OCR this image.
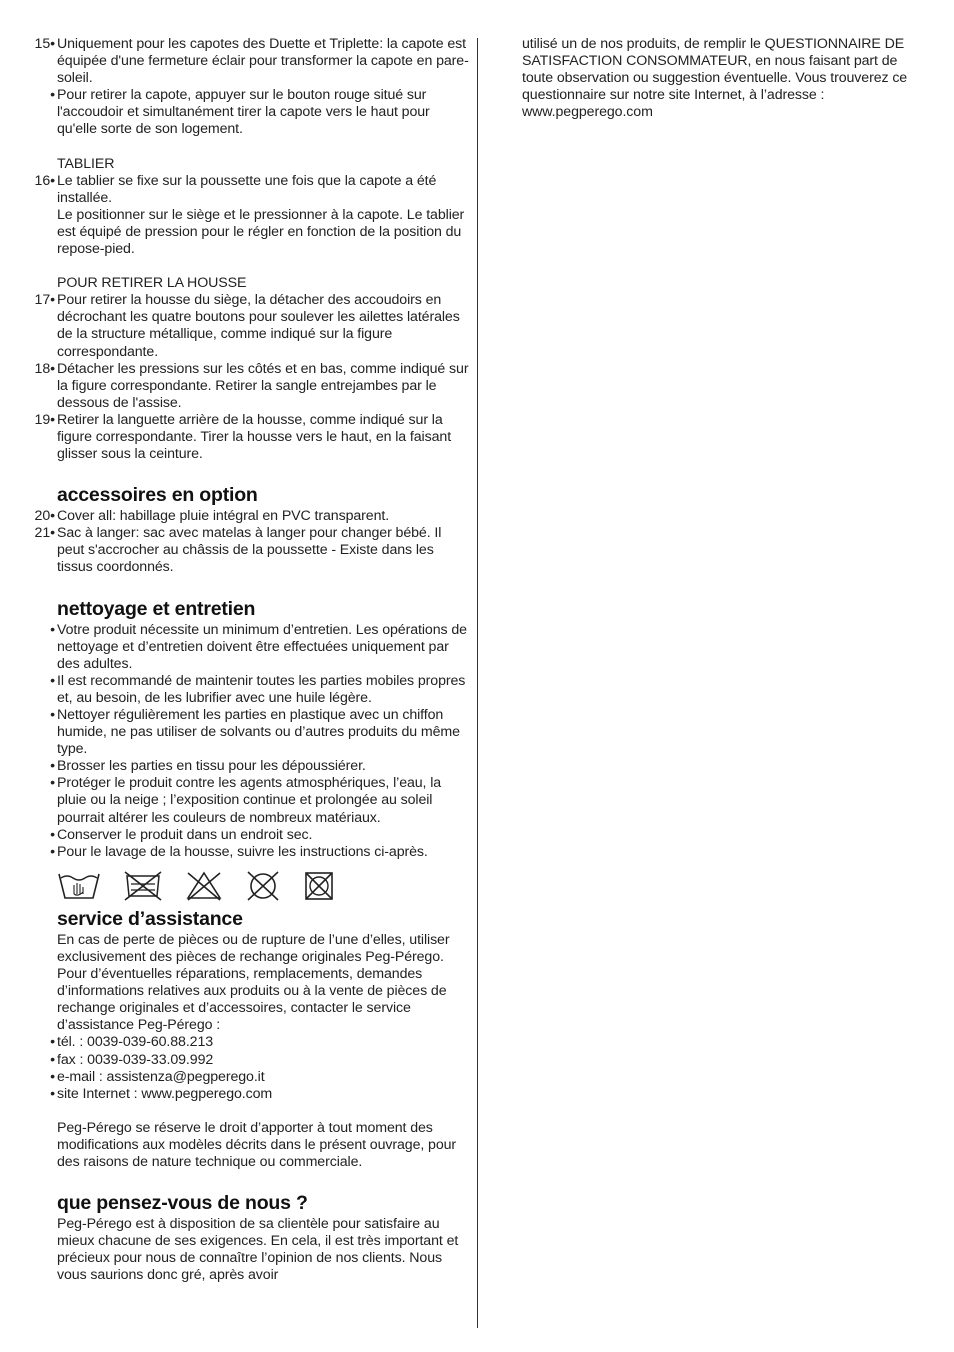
15• Uniquement pour les capotes des Duette et Triplette: la capote est équipée d'une fermeture éclair pour transformer la capote en pare-soleil.
• Pour retirer la capote, appuyer sur le bouton rouge situé sur l'accoudoir et simultanément tirer la capote vers le haut pour qu'elle sorte de son logement.

TABLIER

16• Le tablier se fixe sur la poussette une fois que la capote a été installée.

Le positionner sur le siège et le pressionner à la capote. Le tablier est équipé de pression pour le régler en fonction de la position du repose-pied.

POUR RETIRER LA HOUSSE

17• Pour retirer la housse du siège, la détacher des accoudoirs en décrochant les quatre boutons pour soulever les ailettes latérales de la structure métallique, comme indiqué sur la figure correspondante.
18• Détacher les pressions sur les côtés et en bas, comme indiqué sur la figure correspondante. Retirer la sangle entrejambes par le dessous de l'assise.
19• Retirer la languette arrière de la housse, comme indiqué sur la figure correspondante. Tirer la housse vers le haut, en la faisant glisser sous la ceinture.
accessoires en option
20• Cover all: habillage pluie intégral en PVC transparent.
21• Sac à langer: sac avec matelas à langer pour changer bébé. Il peut s'accrocher au châssis de la poussette - Existe dans les tissus coordonnés.
nettoyage et entretien
• Votre produit nécessite un minimum d’entretien. Les opérations de nettoyage et d’entretien doivent être effectuées uniquement par des adultes.
• Il est recommandé de maintenir toutes les parties mobiles propres et, au besoin, de les lubrifier avec une huile légère.
• Nettoyer régulièrement les parties en plastique avec un chiffon humide, ne pas utiliser de solvants ou d’autres produits du même type.
• Brosser les parties en tissu pour les dépoussiérer.
• Protéger le produit contre les agents atmosphériques, l’eau, la pluie ou la neige ; l’exposition continue et prolongée au soleil pourrait altérer les couleurs de nombreux matériaux.
• Conserver le produit dans un endroit sec.
• Pour le lavage de la housse, suivre les instructions ci-après.
service d’assistance

En cas de perte de pièces ou de rupture de l’une d’elles, utiliser exclusivement des pièces de rechange originales Peg-Pérego. Pour d’éventuelles réparations, remplacements, demandes d’informations relatives aux produits ou à la vente de pièces de rechange originales et d’accessoires, contacter le service d’assistance Peg-Pérego :

• tél. : 0039-039-60.88.213
• fax : 0039-039-33.09.992
• e-mail : assistenza@pegperego.it
• site Internet : www.pegperego.com

Peg-Pérego se réserve le droit d’apporter à tout moment des modifications aux modèles décrits dans le présent ouvrage, pour des raisons de nature technique ou commerciale.

que pensez-vous de nous ?

Peg-Pérego est à disposition de sa clientèle pour satisfaire au mieux chacune de ses exigences. En cela, il est très important et précieux pour nous de connaître l’opinion de nos clients. Nous vous saurions donc gré, après avoir

utilisé un de nos produits, de remplir le QUESTIONNAIRE DE SATISFACTION CONSOMMATEUR, en nous faisant part de toute observation ou suggestion éventuelle. Vous trouverez ce questionnaire sur notre site Internet, à l’adresse : www.pegperego.com
